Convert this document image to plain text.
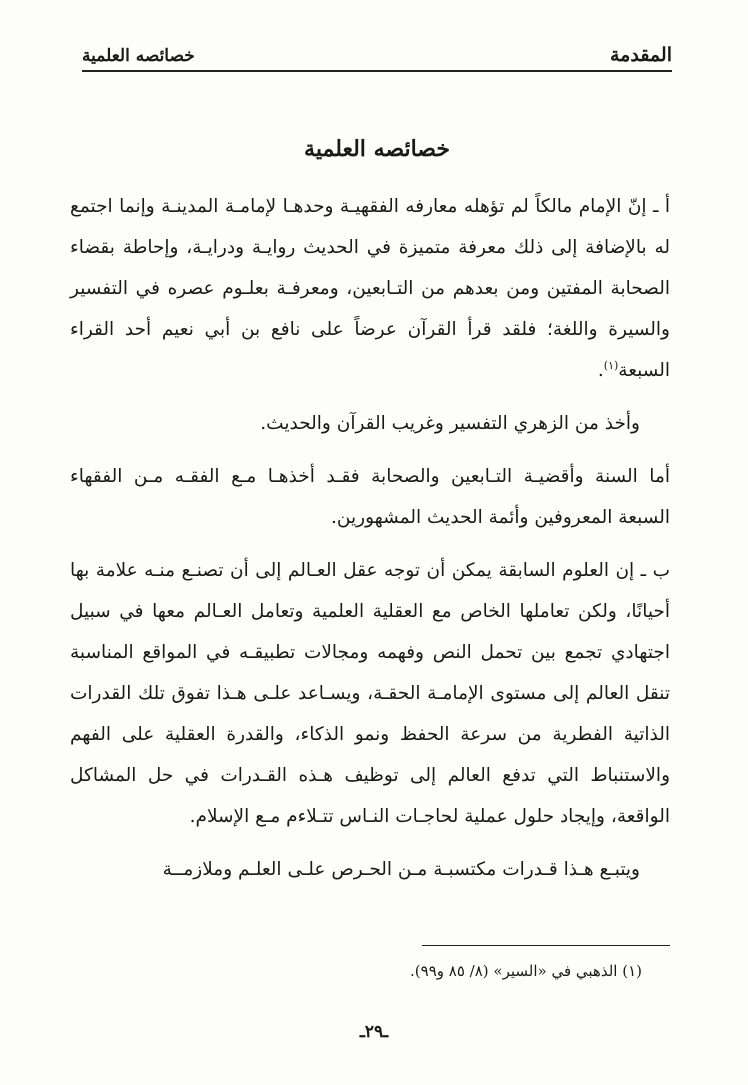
المقدمة
خصائصه العلمية
خصائصه العلمية

أ ـ إنّ الإمام مالكاً لم تؤهله معارفه الفقهيـة وحدهـا لإمامـة المدينـة وإنما اجتمع له بالإضافة إلى ذلك معرفة متميزة في الحديث روايـة ودرايـة، وإحاطة بقضاء الصحابة المفتين ومن بعدهم من التـابعين، ومعرفـة بعلـوم عصره في التفسير والسيرة واللغة؛ فلقد قرأ القرآن عرضاً على نافع بن أبي نعيم أحد القراء السبعة$^{(١)}$.

وأخذ من الزهري التفسير وغريب القرآن والحديث.

أما السنة وأقضيـة التـابعين والصحابة فقـد أخذهـا مـع الفقـه مـن الفقهاء السبعة المعروفين وأئمة الحديث المشهورين.

ب ـ إن العلوم السابقة يمكن أن توجه عقل العـالم إلى أن تصنـع منـه علامة بها أحيانًا، ولكن تعاملها الخاص مع العقلية العلمية وتعامل العـالم معها في سبيل اجتهادي تجمع بين تحمل النص وفهمه ومجالات تطبيقـه في المواقع المناسبة تنقل العالم إلى مستوى الإمامـة الحقـة، ويسـاعد علـى هـذا تفوق تلك القدرات الذاتية الفطرية من سرعة الحفظ ونمو الذكاء، والقدرة العقلية على الفهم والاستنباط التي تدفع العالم إلى توظيف هـذه القـدرات في حل المشاكل الواقعة، وإيجاد حلول عملية لحاجـات النـاس تتـلاءم مـع الإسلام.

ويتبـع هـذا قـدرات مكتسبـة مـن الحـرص علـى العلـم وملازمــة

(١) الذهبي في «السير» (٨/ ٨٥ و٩٩).
ـ٢٩ـ
